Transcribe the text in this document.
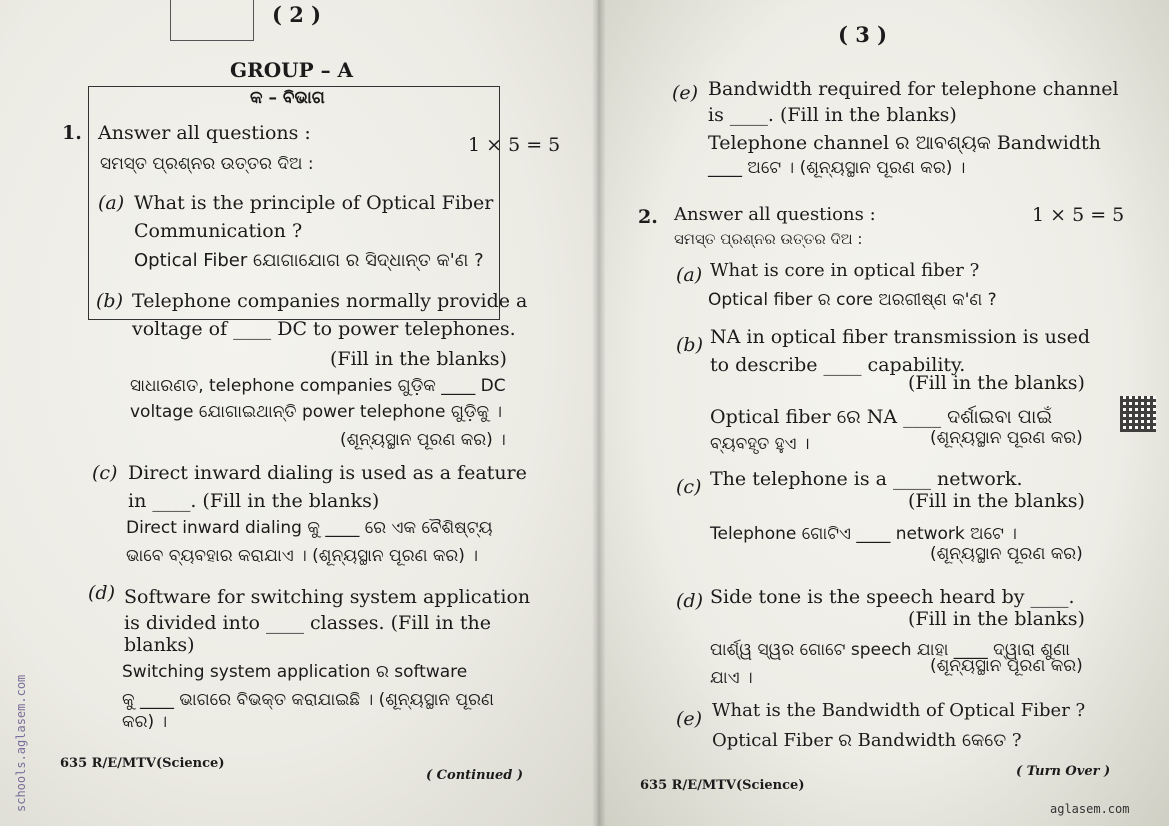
( 2 )
GROUP – A
କ – ବିଭାଗ
1. Answer all questions :
1 × 5 = 5
ସମସ୍ତ ପ୍ରଶ୍ନର ଉତ୍ତର ଦିଅ :
(a) What is the principle of Optical Fiber
Communication ?
Optical Fiber ଯୋଗାଯୋଗ ର ସିଦ୍ଧାନ୍ତ କ'ଣ ?
(b) Telephone companies normally provide a
voltage of ____ DC to power telephones.
(Fill in the blanks)
ସାଧାରଣତ, telephone companies ଗୁଡ଼ିକ ____ DC
voltage ଯୋଗାଇଥାନ୍ତି power telephone ଗୁଡ଼ିକୁ ।
(ଶୂନ୍ୟସ୍ଥାନ ପୂରଣ କର) ।
(c) Direct inward dialing is used as a feature
in ____. (Fill in the blanks)
Direct inward dialing କୁ ____ ରେ ଏକ ବୈଶିଷ୍ଟ୍ୟ
ଭାବେ ବ୍ୟବହାର କରାଯାଏ । (ଶୂନ୍ୟସ୍ଥାନ ପୂରଣ କର) ।
(d) Software for switching system application
is divided into ____ classes. (Fill in the
blanks)
Switching system application ର software
କୁ ____ ଭାଗରେ ବିଭକ୍ତ କରାଯାଇଛି । (ଶୂନ୍ୟସ୍ଥାନ ପୂରଣ
କର) ।
635 R/E/MTV(Science)
( Continued )
( 3 )
(e) Bandwidth required for telephone channel
is ____. (Fill in the blanks)
Telephone channel ର ଆବଶ୍ୟକ Bandwidth
____ ଅଟେ । (ଶୂନ୍ୟସ୍ଥାନ ପୂରଣ କର) ।
2. Answer all questions :	1 × 5 = 5
ସମସ୍ତ ପ୍ରଶ୍ନର ଉତ୍ତର ଦିଅ :
(a) What is core in optical fiber ?
Optical fiber ର core ଅରଗୀଷ୍ଣ କ'ଣ ?
(b) NA in optical fiber transmission is used
to describe ____ capability.
(Fill in the blanks)
Optical fiber ରେ NA ____ ଦର୍ଶାଇବା ପାଇଁ
ବ୍ୟବହୃତ ହୁଏ ।	(ଶୂନ୍ୟସ୍ଥାନ ପୂରଣ କର)
(c) The telephone is a ____ network.
(Fill in the blanks)
Telephone ଗୋଟିଏ ____ network ଅଟେ ।
(ଶୂନ୍ୟସ୍ଥାନ ପୂରଣ କର)
(d) Side tone is the speech heard by ____.
(Fill in the blanks)
ପାର୍ଶ୍ୱ ସ୍ୱର ଗୋଟେ speech ଯାହା ____ ଦ୍ୱାରା ଶୁଣା
ଯାଏ ।
(ଶୂନ୍ୟସ୍ଥାନ ପୂରଣ କର)
(e) What is the Bandwidth of Optical Fiber ?
Optical Fiber ର Bandwidth କେତେ ?
635 R/E/MTV(Science)
( Turn Over )
schools.aglasem.com	aglasem.com
